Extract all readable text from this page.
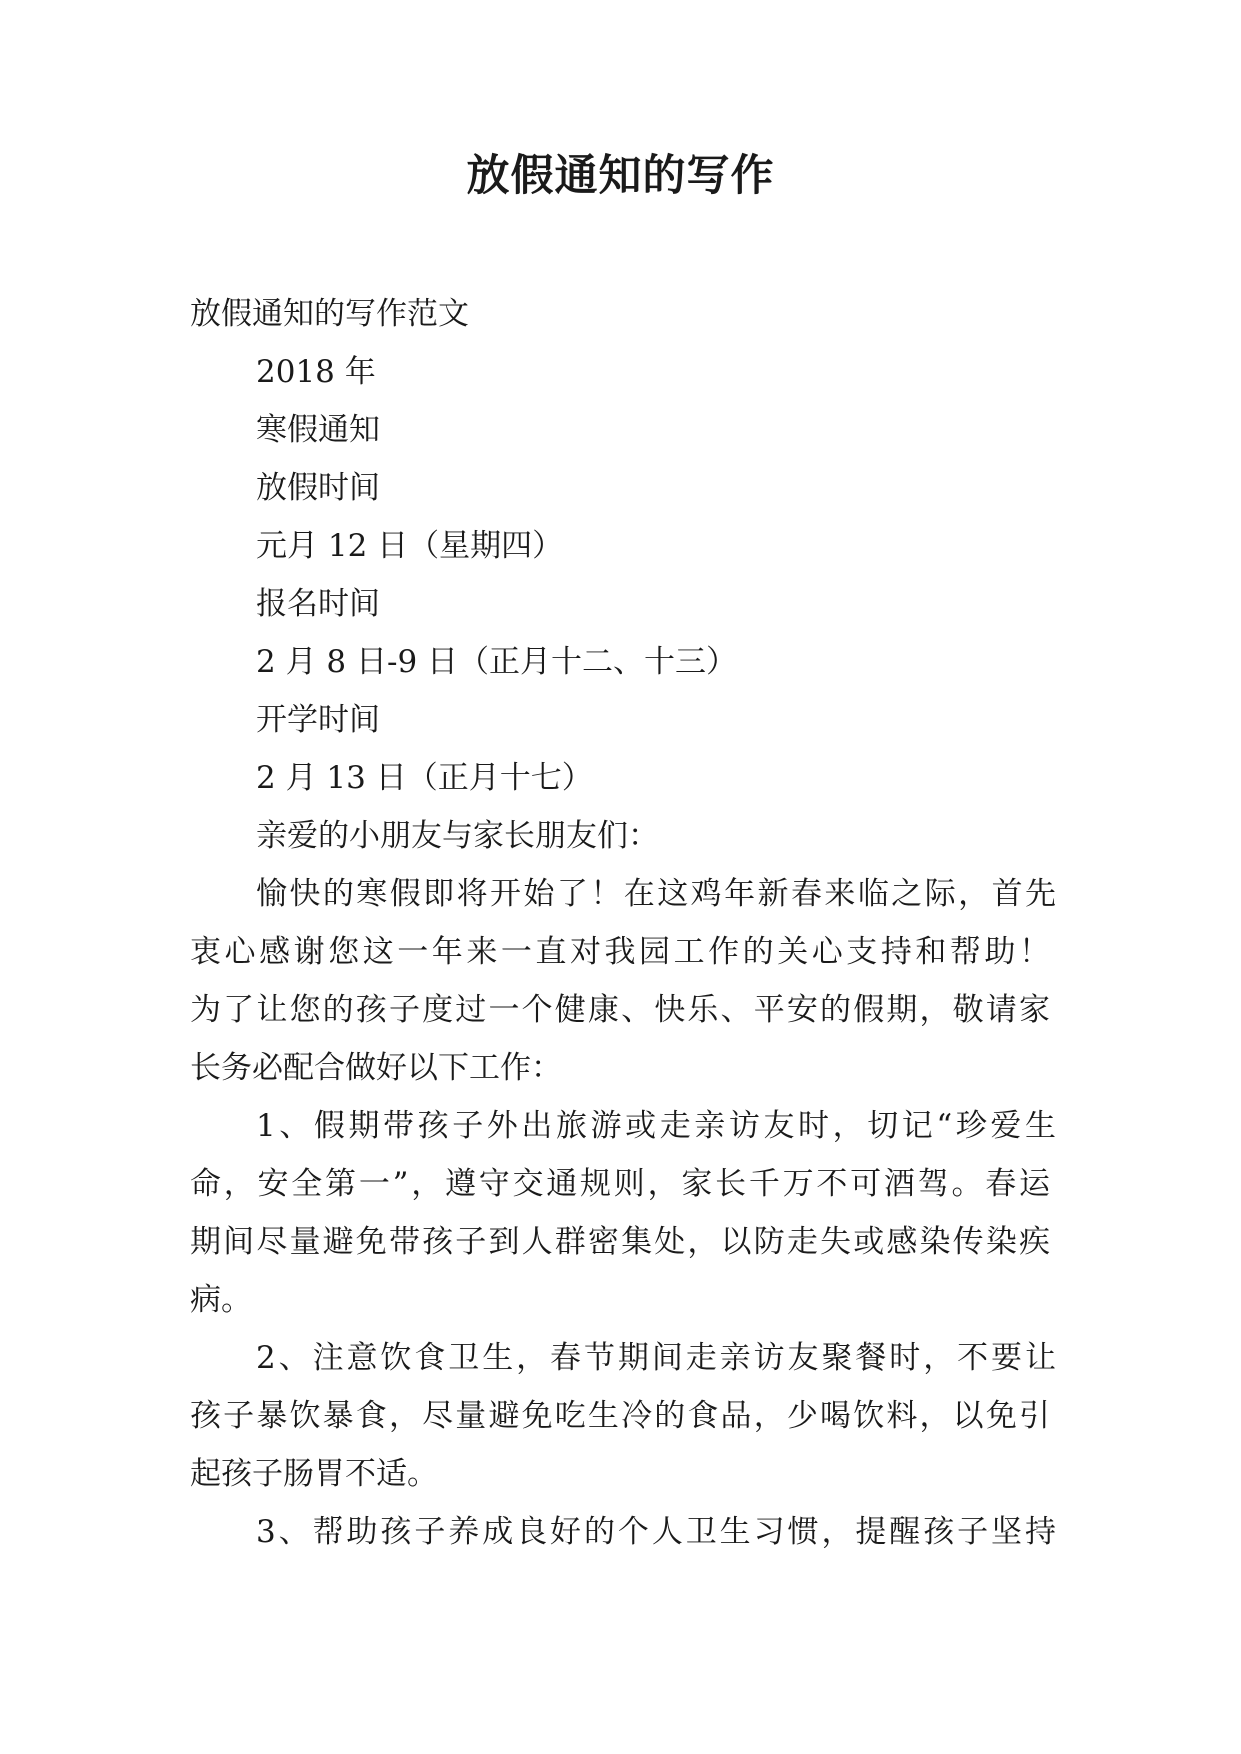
放假通知的写作

放假通知的写作范文

2018 年

寒假通知

放假时间

元月 12 日（星期四）

报名时间

2 月 8 日-9 日（正月十二、十三）

开学时间

2 月 13 日（正月十七）

亲爱的小朋友与家长朋友们：

愉快的寒假即将开始了！在这鸡年新春来临之际，首先

衷心感谢您这一年来一直对我园工作的关心支持和帮助！

为了让您的孩子度过一个健康、快乐、平安的假期，敬请家

长务必配合做好以下工作：

1、假期带孩子外出旅游或走亲访友时，切记“珍爱生

命，安全第一”，遵守交通规则，家长千万不可酒驾。春运

期间尽量避免带孩子到人群密集处，以防走失或感染传染疾

病。

2、注意饮食卫生，春节期间走亲访友聚餐时，不要让

孩子暴饮暴食，尽量避免吃生冷的食品，少喝饮料，以免引

起孩子肠胃不适。

3、帮助孩子养成良好的个人卫生习惯，提醒孩子坚持
